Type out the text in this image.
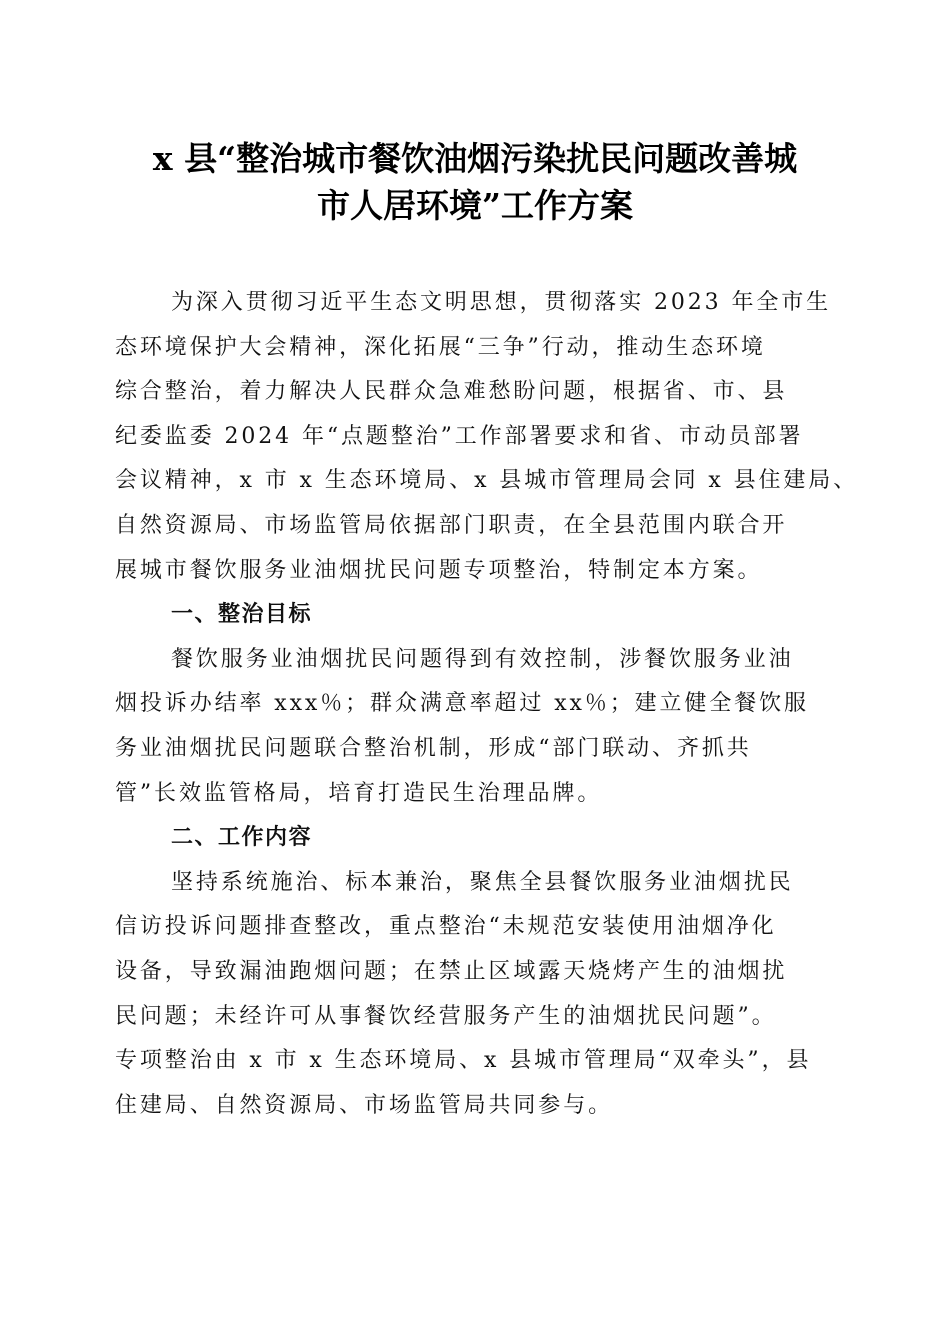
x 县“整治城市餐饮油烟污染扰民问题改善城
市人居环境”工作方案
为深入贯彻习近平生态文明思想，贯彻落实 2023 年全市生
态环境保护大会精神，深化拓展“三争”行动，推动生态环境
综合整治，着力解决人民群众急难愁盼问题，根据省、市、县
纪委监委 2024 年“点题整治”工作部署要求和省、市动员部署
会议精神，x 市 x 生态环境局、x 县城市管理局会同 x 县住建局、
自然资源局、市场监管局依据部门职责，在全县范围内联合开
展城市餐饮服务业油烟扰民问题专项整治，特制定本方案。
一、整治目标
餐饮服务业油烟扰民问题得到有效控制，涉餐饮服务业油
烟投诉办结率 xxx％；群众满意率超过 xx％；建立健全餐饮服
务业油烟扰民问题联合整治机制，形成“部门联动、齐抓共
管”长效监管格局，培育打造民生治理品牌。
二、工作内容
坚持系统施治、标本兼治，聚焦全县餐饮服务业油烟扰民
信访投诉问题排查整改，重点整治“未规范安装使用油烟净化
设备，导致漏油跑烟问题；在禁止区域露天烧烤产生的油烟扰
民问题；未经许可从事餐饮经营服务产生的油烟扰民问题”。
专项整治由 x 市 x 生态环境局、x 县城市管理局“双牵头”，县
住建局、自然资源局、市场监管局共同参与。
